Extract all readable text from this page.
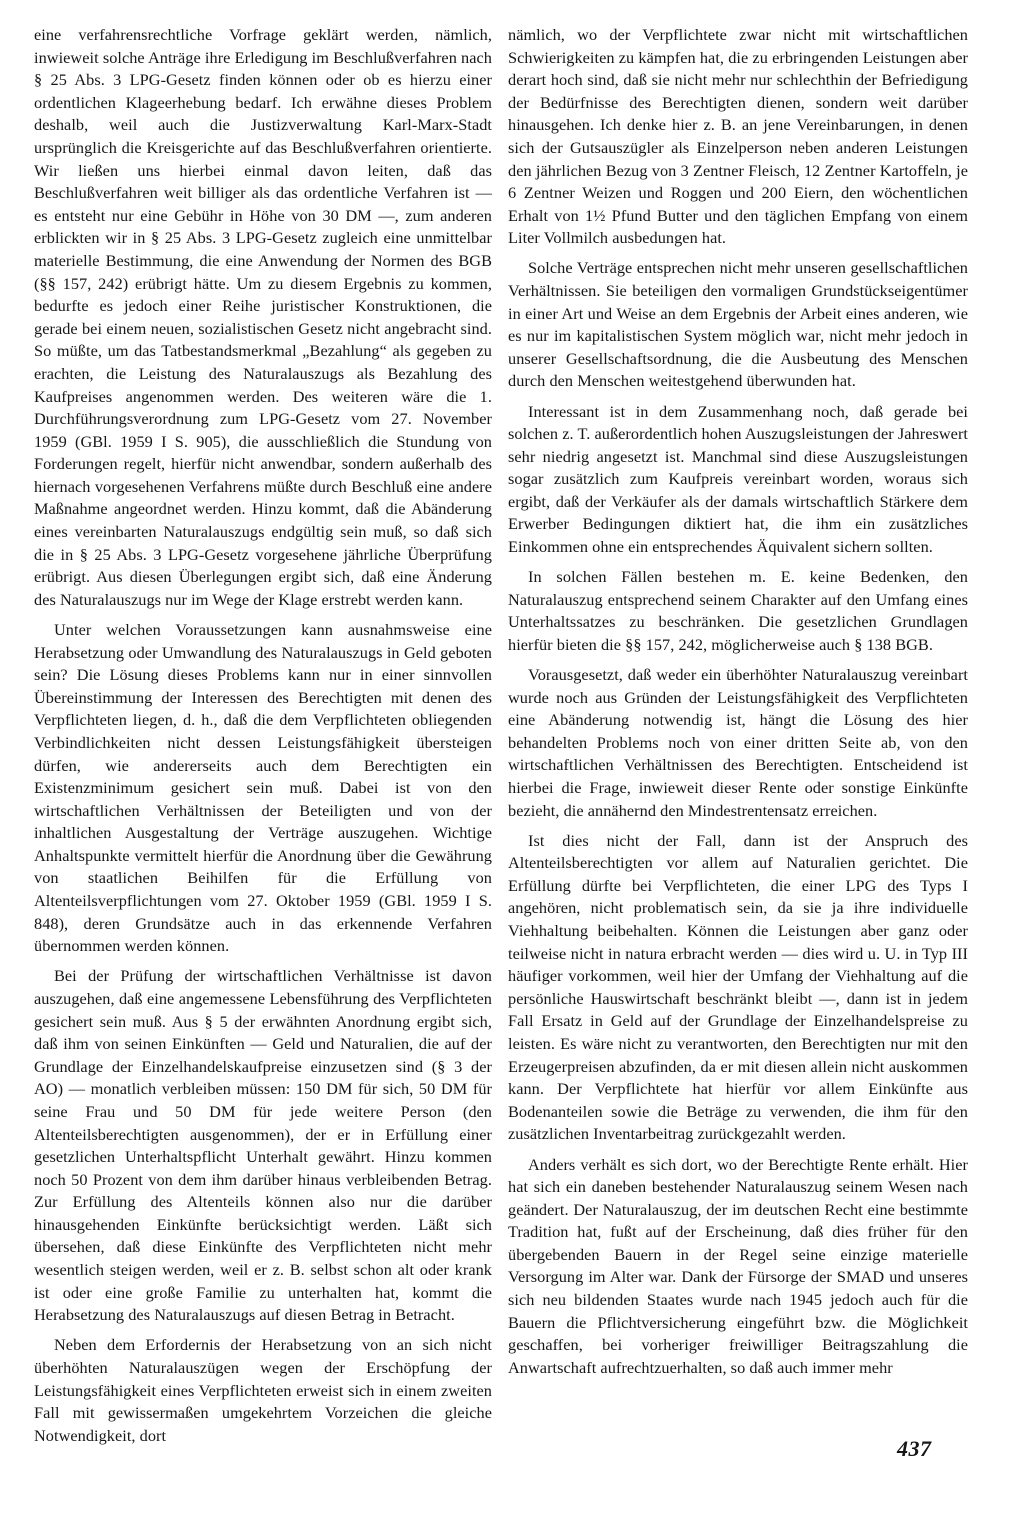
eine verfahrensrechtliche Vorfrage geklärt werden, nämlich, inwieweit solche Anträge ihre Erledigung im Beschlußverfahren nach § 25 Abs. 3 LPG-Gesetz finden können oder ob es hierzu einer ordentlichen Klageerhebung bedarf. Ich erwähne dieses Problem deshalb, weil auch die Justizverwaltung Karl-Marx-Stadt ursprünglich die Kreisgerichte auf das Beschlußverfahren orientierte. Wir ließen uns hierbei einmal davon leiten, daß das Beschlußverfahren weit billiger als das ordentliche Verfahren ist — es entsteht nur eine Gebühr in Höhe von 30 DM —, zum anderen erblickten wir in § 25 Abs. 3 LPG-Gesetz zugleich eine unmittelbar materielle Bestimmung, die eine Anwendung der Normen des BGB (§§ 157, 242) erübrigt hätte. Um zu diesem Ergebnis zu kommen, bedurfte es jedoch einer Reihe juristischer Konstruktionen, die gerade bei einem neuen, sozialistischen Gesetz nicht angebracht sind. So müßte, um das Tatbestandsmerkmal „Bezahlung“ als gegeben zu erachten, die Leistung des Naturalauszugs als Bezahlung des Kaufpreises angenommen werden. Des weiteren wäre die 1. Durchführungsverordnung zum LPG-Gesetz vom 27. November 1959 (GBl. 1959 I S. 905), die ausschließlich die Stundung von Forderungen regelt, hierfür nicht anwendbar, sondern außerhalb des hiernach vorgesehenen Verfahrens müßte durch Beschluß eine andere Maßnahme angeordnet werden. Hinzu kommt, daß die Abänderung eines vereinbarten Naturalauszugs endgültig sein muß, so daß sich die in § 25 Abs. 3 LPG-Gesetz vorgesehene jährliche Überprüfung erübrigt. Aus diesen Überlegungen ergibt sich, daß eine Änderung des Naturalauszugs nur im Wege der Klage erstrebt werden kann.

Unter welchen Voraussetzungen kann ausnahmsweise eine Herabsetzung oder Umwandlung des Naturalauszugs in Geld geboten sein? Die Lösung dieses Problems kann nur in einer sinnvollen Übereinstimmung der Interessen des Berechtigten mit denen des Verpflichteten liegen, d. h., daß die dem Verpflichteten obliegenden Verbindlichkeiten nicht dessen Leistungsfähigkeit übersteigen dürfen, wie andererseits auch dem Berechtigten ein Existenzminimum gesichert sein muß. Dabei ist von den wirtschaftlichen Verhältnissen der Beteiligten und von der inhaltlichen Ausgestaltung der Verträge auszugehen. Wichtige Anhaltspunkte vermittelt hierfür die Anordnung über die Gewährung von staatlichen Beihilfen für die Erfüllung von Altenteilsverpflichtungen vom 27. Oktober 1959 (GBl. 1959 I S. 848), deren Grundsätze auch in das erkennende Verfahren übernommen werden können.

Bei der Prüfung der wirtschaftlichen Verhältnisse ist davon auszugehen, daß eine angemessene Lebensführung des Verpflichteten gesichert sein muß. Aus § 5 der erwähnten Anordnung ergibt sich, daß ihm von seinen Einkünften — Geld und Naturalien, die auf der Grundlage der Einzelhandelskaufpreise einzusetzen sind (§ 3 der AO) — monatlich verbleiben müssen: 150 DM für sich, 50 DM für seine Frau und 50 DM für jede weitere Person (den Altenteilsberechtigten ausgenommen), der er in Erfüllung einer gesetzlichen Unterhaltspflicht Unterhalt gewährt. Hinzu kommen noch 50 Prozent von dem ihm darüber hinaus verbleibenden Betrag. Zur Erfüllung des Altenteils können also nur die darüber hinausgehenden Einkünfte berücksichtigt werden. Läßt sich übersehen, daß diese Einkünfte des Verpflichteten nicht mehr wesentlich steigen werden, weil er z. B. selbst schon alt oder krank ist oder eine große Familie zu unterhalten hat, kommt die Herabsetzung des Naturalauszugs auf diesen Betrag in Betracht.

Neben dem Erfordernis der Herabsetzung von an sich nicht überhöhten Naturalauszügen wegen der Erschöpfung der Leistungsfähigkeit eines Verpflichteten erweist sich in einem zweiten Fall mit gewissermaßen umgekehrtem Vorzeichen die gleiche Notwendigkeit, dort

nämlich, wo der Verpflichtete zwar nicht mit wirtschaftlichen Schwierigkeiten zu kämpfen hat, die zu erbringenden Leistungen aber derart hoch sind, daß sie nicht mehr nur schlechthin der Befriedigung der Bedürfnisse des Berechtigten dienen, sondern weit darüber hinausgehen. Ich denke hier z. B. an jene Vereinbarungen, in denen sich der Gutsauszügler als Einzelperson neben anderen Leistungen den jährlichen Bezug von 3 Zentner Fleisch, 12 Zentner Kartoffeln, je 6 Zentner Weizen und Roggen und 200 Eiern, den wöchentlichen Erhalt von 1½ Pfund Butter und den täglichen Empfang von einem Liter Vollmilch ausbedungen hat.

Solche Verträge entsprechen nicht mehr unseren gesellschaftlichen Verhältnissen. Sie beteiligen den vormaligen Grundstückseigentümer in einer Art und Weise an dem Ergebnis der Arbeit eines anderen, wie es nur im kapitalistischen System möglich war, nicht mehr jedoch in unserer Gesellschaftsordnung, die die Ausbeutung des Menschen durch den Menschen weitestgehend überwunden hat.

Interessant ist in dem Zusammenhang noch, daß gerade bei solchen z. T. außerordentlich hohen Auszugsleistungen der Jahreswert sehr niedrig angesetzt ist. Manchmal sind diese Auszugsleistungen sogar zusätzlich zum Kaufpreis vereinbart worden, woraus sich ergibt, daß der Verkäufer als der damals wirtschaftlich Stärkere dem Erwerber Bedingungen diktiert hat, die ihm ein zusätzliches Einkommen ohne ein entsprechendes Äquivalent sichern sollten.

In solchen Fällen bestehen m. E. keine Bedenken, den Naturalauszug entsprechend seinem Charakter auf den Umfang eines Unterhaltssatzes zu beschränken. Die gesetzlichen Grundlagen hierfür bieten die §§ 157, 242, möglicherweise auch § 138 BGB.

Vorausgesetzt, daß weder ein überhöhter Naturalauszug vereinbart wurde noch aus Gründen der Leistungsfähigkeit des Verpflichteten eine Abänderung notwendig ist, hängt die Lösung des hier behandelten Problems noch von einer dritten Seite ab, von den wirtschaftlichen Verhältnissen des Berechtigten. Entscheidend ist hierbei die Frage, inwieweit dieser Rente oder sonstige Einkünfte bezieht, die annähernd den Mindestrentensatz erreichen.

Ist dies nicht der Fall, dann ist der Anspruch des Altenteilsberechtigten vor allem auf Naturalien gerichtet. Die Erfüllung dürfte bei Verpflichteten, die einer LPG des Typs I angehören, nicht problematisch sein, da sie ja ihre individuelle Viehhaltung beibehalten. Können die Leistungen aber ganz oder teilweise nicht in natura erbracht werden — dies wird u. U. in Typ III häufiger vorkommen, weil hier der Umfang der Viehhaltung auf die persönliche Hauswirtschaft beschränkt bleibt —, dann ist in jedem Fall Ersatz in Geld auf der Grundlage der Einzelhandelspreise zu leisten. Es wäre nicht zu verantworten, den Berechtigten nur mit den Erzeugerpreisen abzufinden, da er mit diesen allein nicht auskommen kann. Der Verpflichtete hat hierfür vor allem Einkünfte aus Bodenanteilen sowie die Beträge zu verwenden, die ihm für den zusätzlichen Inventarbeitrag zurückgezahlt werden.

Anders verhält es sich dort, wo der Berechtigte Rente erhält. Hier hat sich ein daneben bestehender Naturalauszug seinem Wesen nach geändert. Der Naturalauszug, der im deutschen Recht eine bestimmte Tradition hat, fußt auf der Erscheinung, daß dies früher für den übergebenden Bauern in der Regel seine einzige materielle Versorgung im Alter war. Dank der Fürsorge der SMAD und unseres sich neu bildenden Staates wurde nach 1945 jedoch auch für die Bauern die Pflichtversicherung eingeführt bzw. die Möglichkeit geschaffen, bei vorheriger freiwilliger Beitragszahlung die Anwartschaft aufrechtzuerhalten, so daß auch immer mehr

437
